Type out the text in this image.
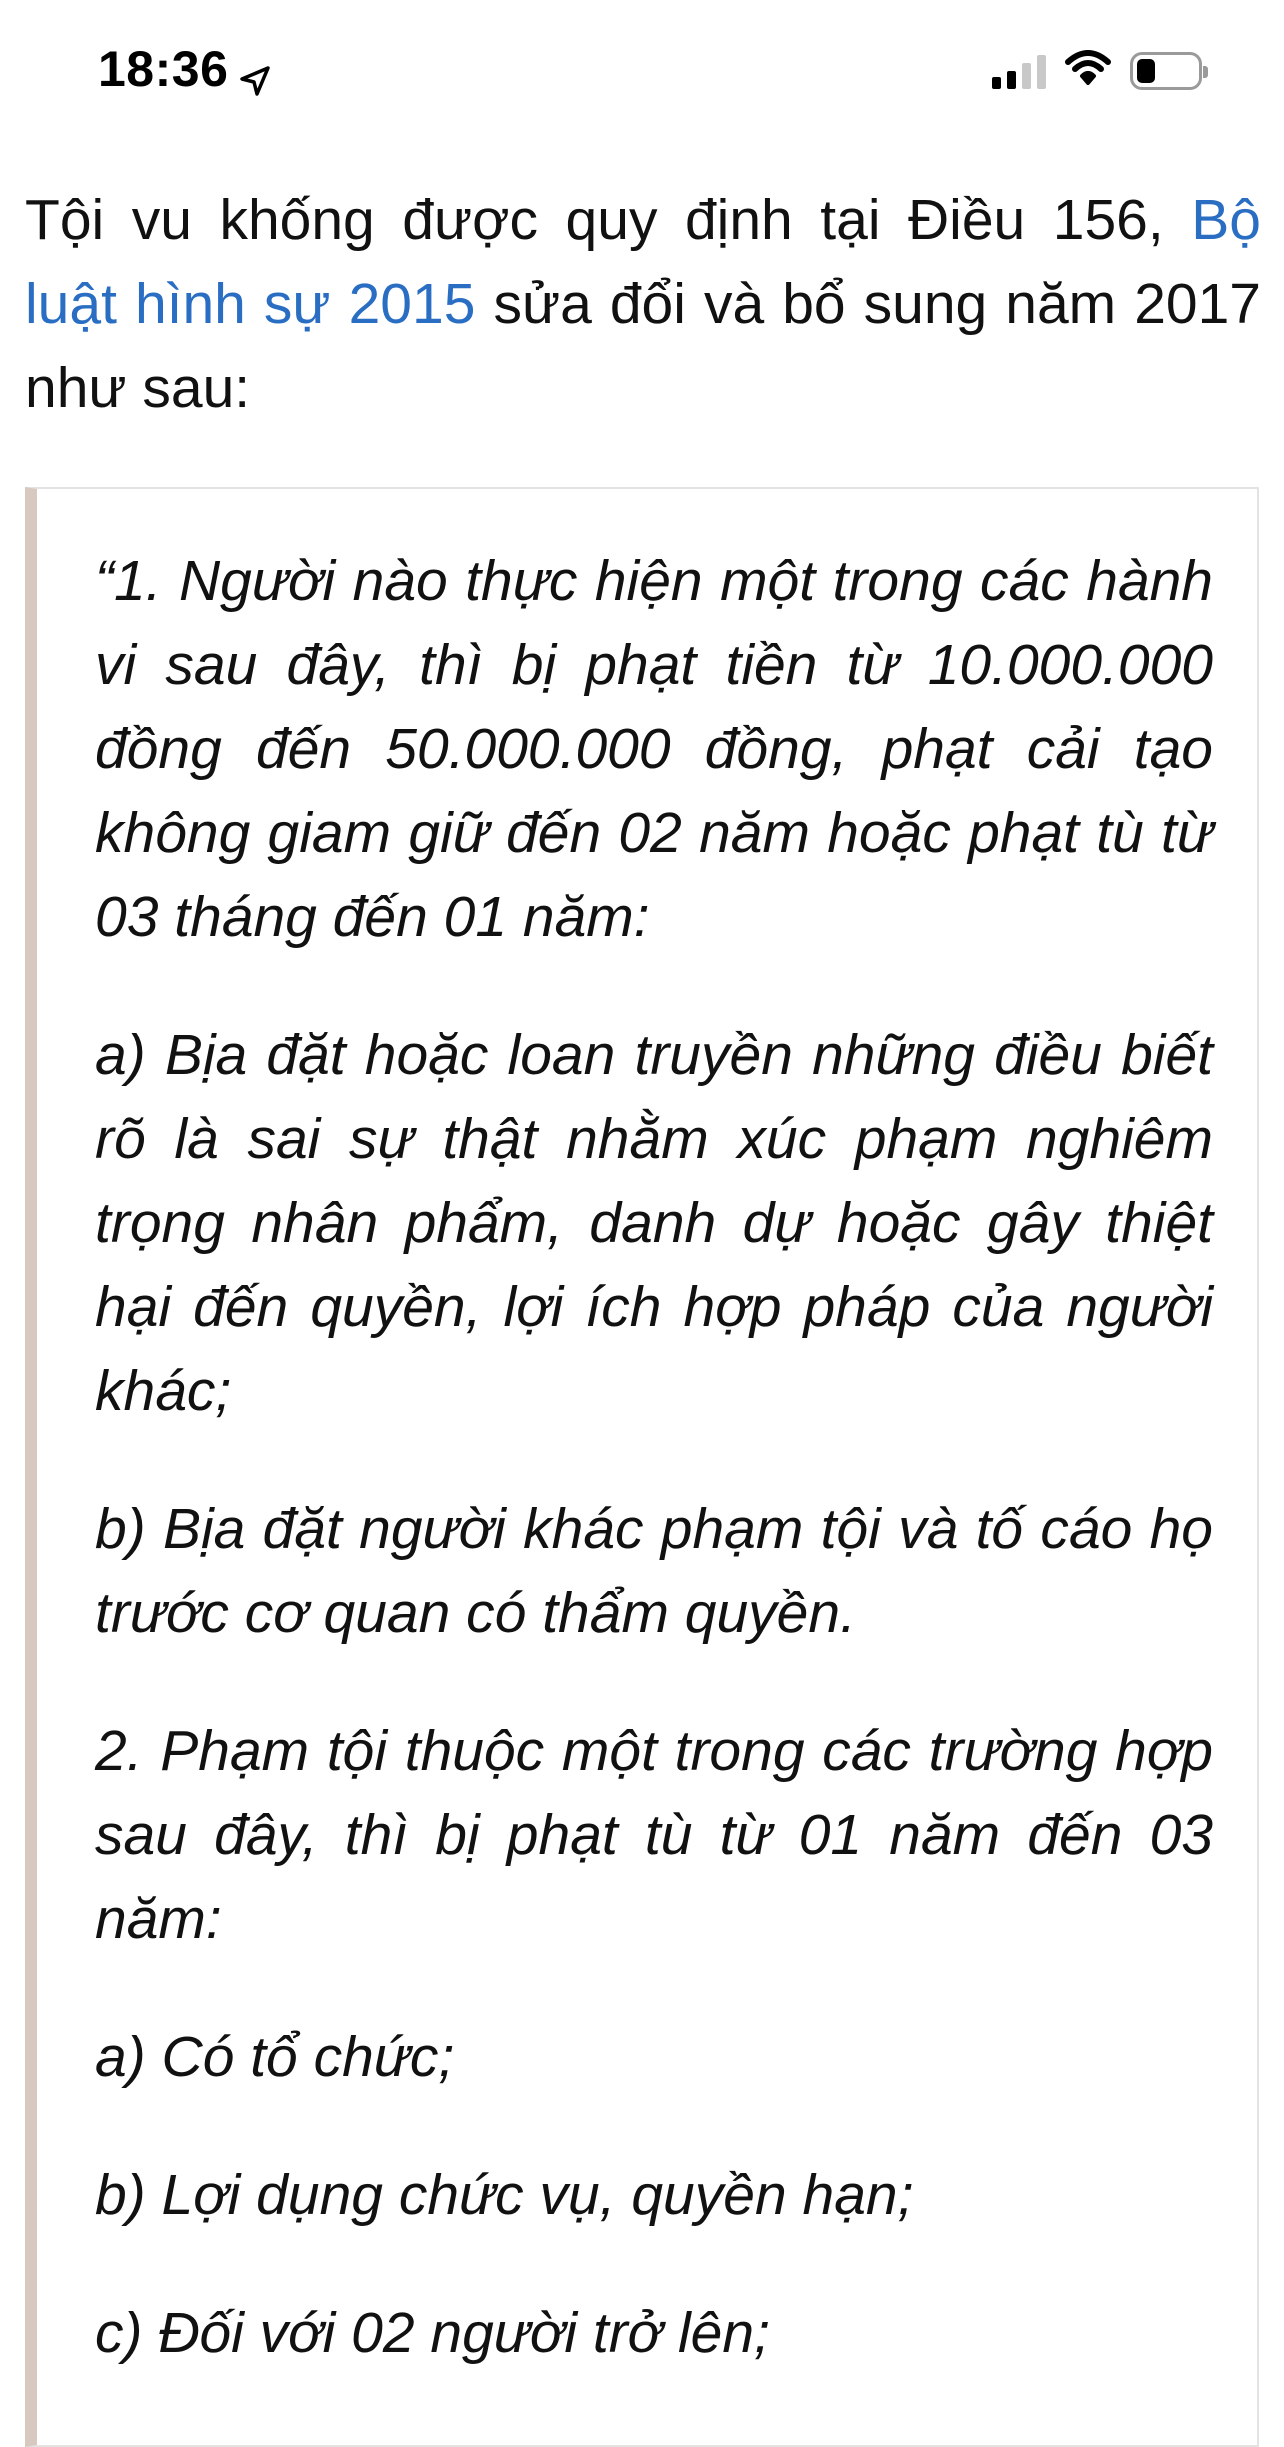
18:36
Tội vu khống được quy định tại Điều 156, Bộ luật hình sự 2015 sửa đổi và bổ sung năm 2017 như sau:

“1. Người nào thực hiện một trong các hành vi sau đây, thì bị phạt tiền từ 10.000.000 đồng đến 50.000.000 đồng, phạt cải tạo không giam giữ đến 02 năm hoặc phạt tù từ 03 tháng đến 01 năm:

a) Bịa đặt hoặc loan truyền những điều biết rõ là sai sự thật nhằm xúc phạm nghiêm trọng nhân phẩm, danh dự hoặc gây thiệt hại đến quyền, lợi ích hợp pháp của người khác;

b) Bịa đặt người khác phạm tội và tố cáo họ trước cơ quan có thẩm quyền.

2. Phạm tội thuộc một trong các trường hợp sau đây, thì bị phạt tù từ 01 năm đến 03 năm:

a) Có tổ chức;

b) Lợi dụng chức vụ, quyền hạn;

c) Đối với 02 người trở lên;
